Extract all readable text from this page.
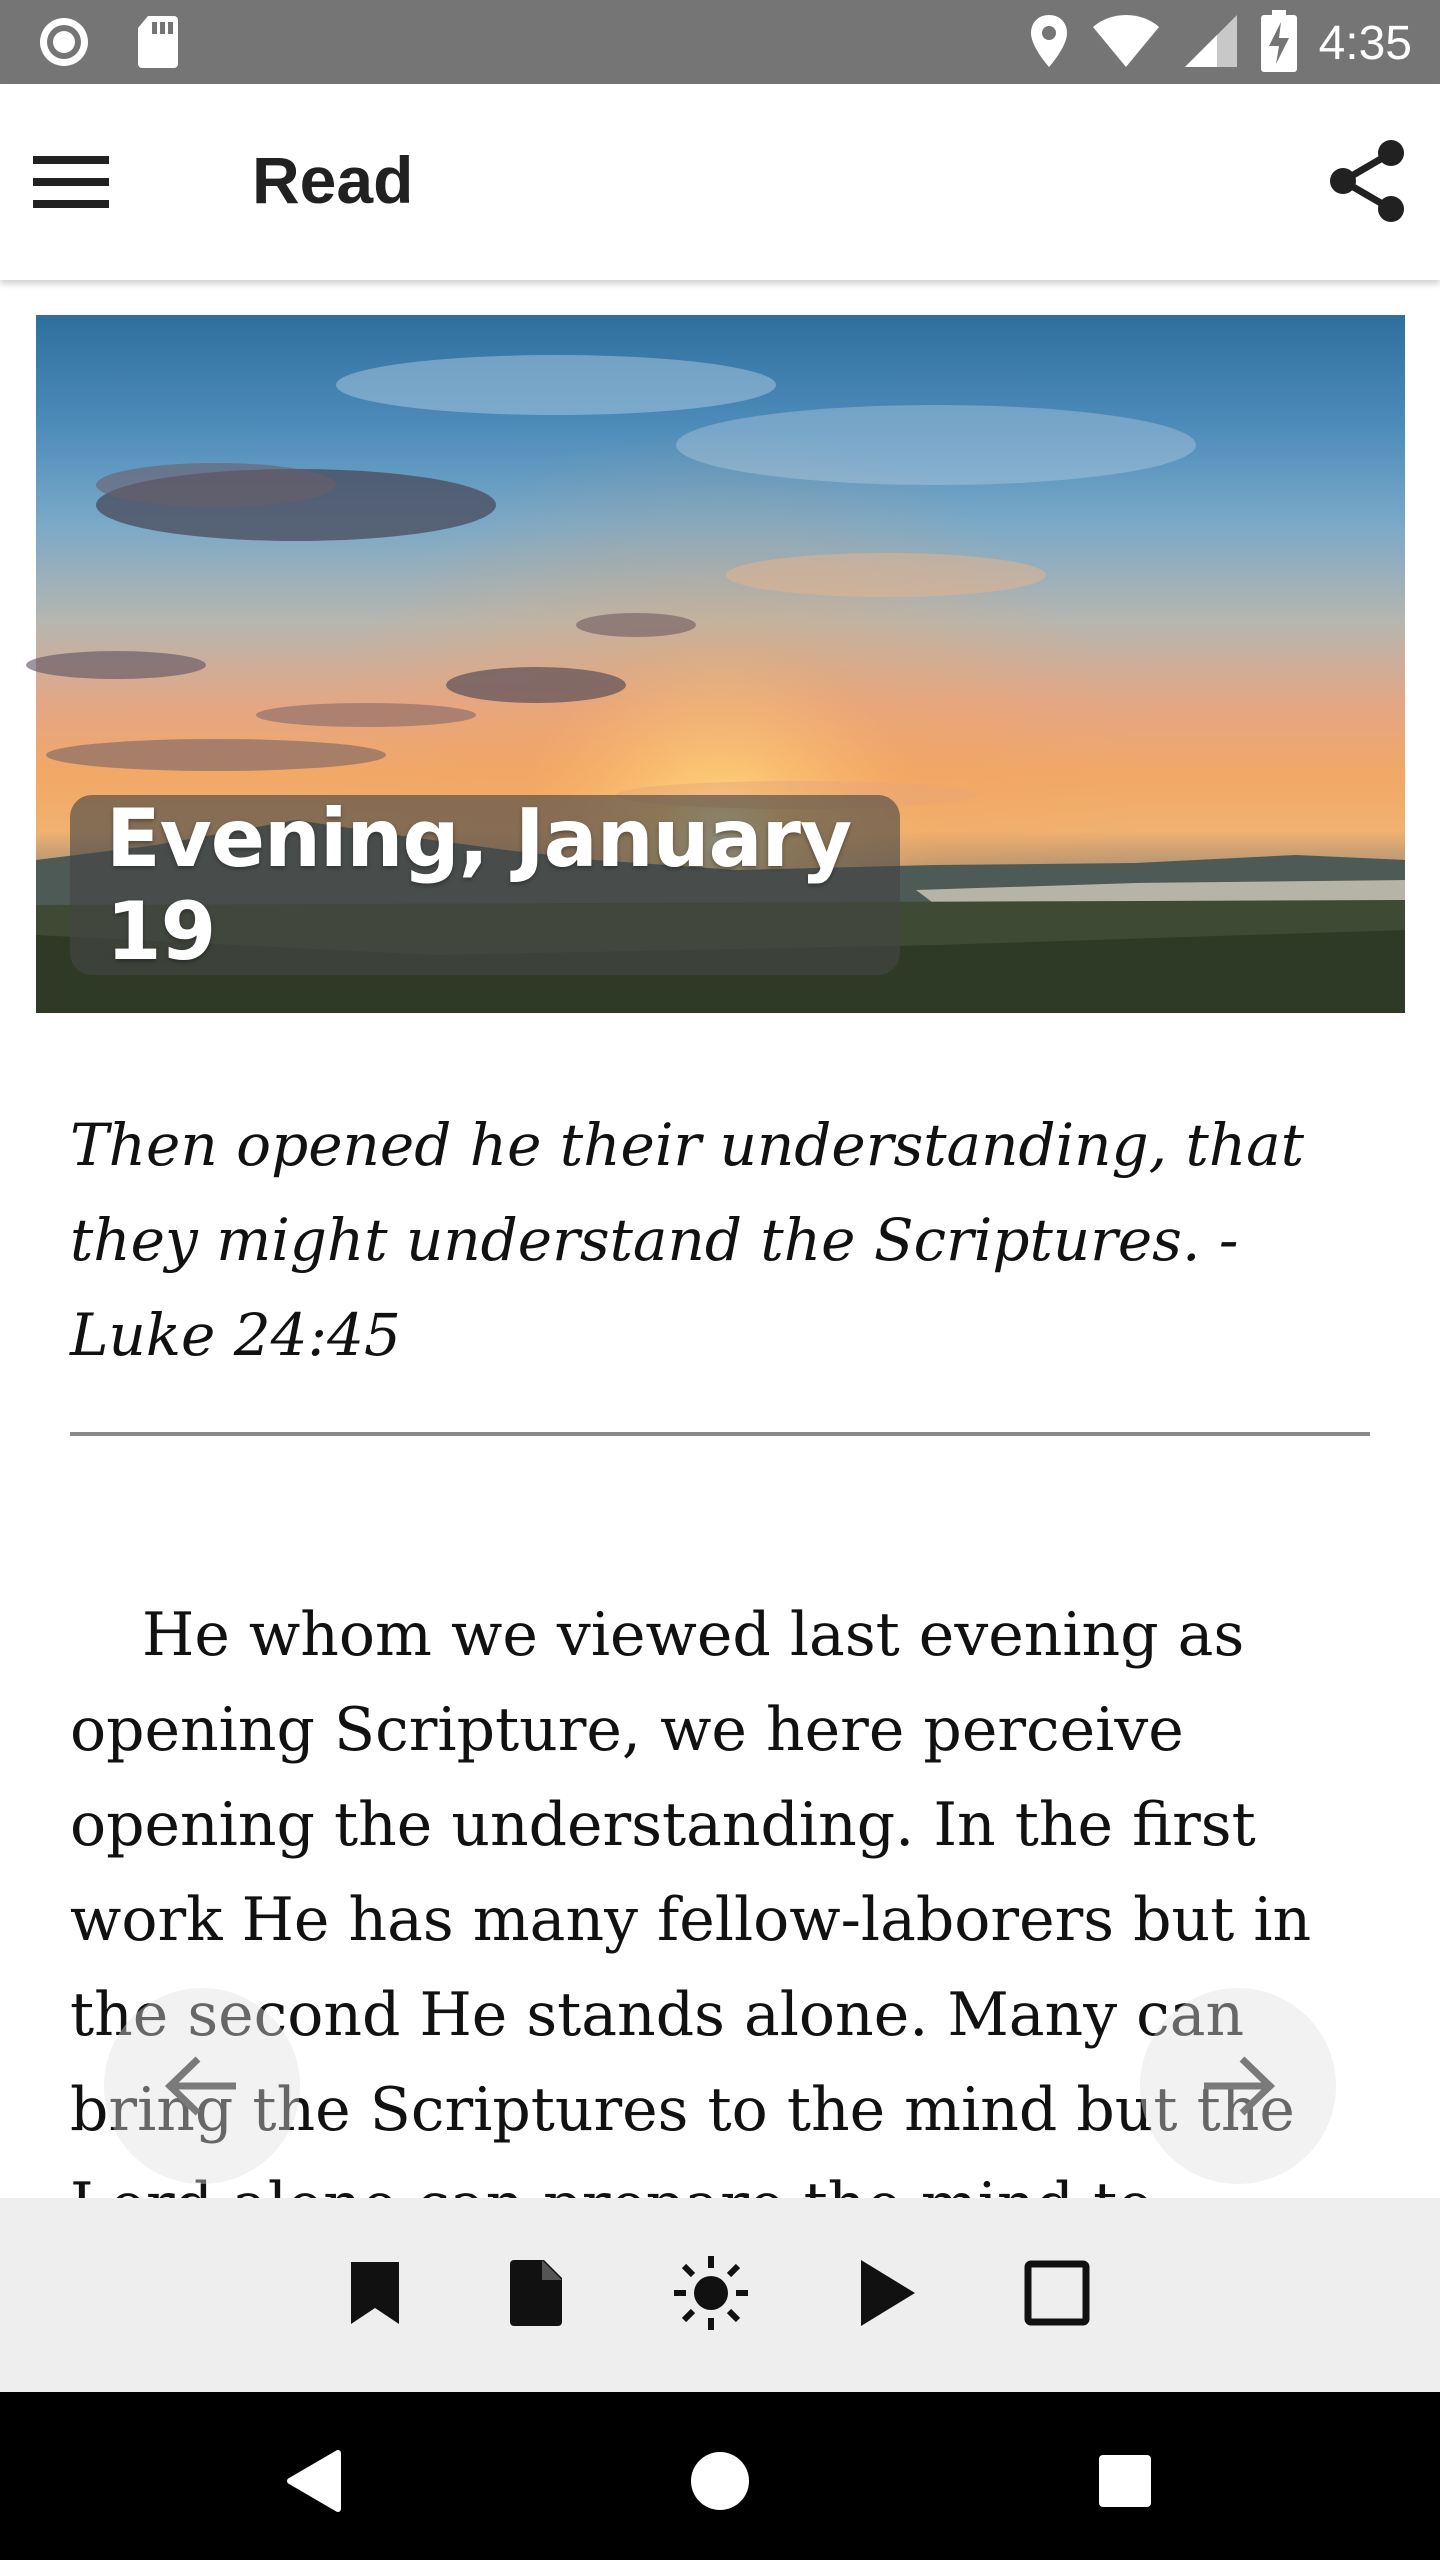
4:35
Read
Evening, January 19
Then opened he their understanding, that they might understand the Scriptures. - Luke 24:45
He whom we viewed last evening as opening Scripture, we here perceive opening the understanding. In the first work He has many fellow-laborers but in the second He stands alone. Many can bring the Scriptures to the mind but the
